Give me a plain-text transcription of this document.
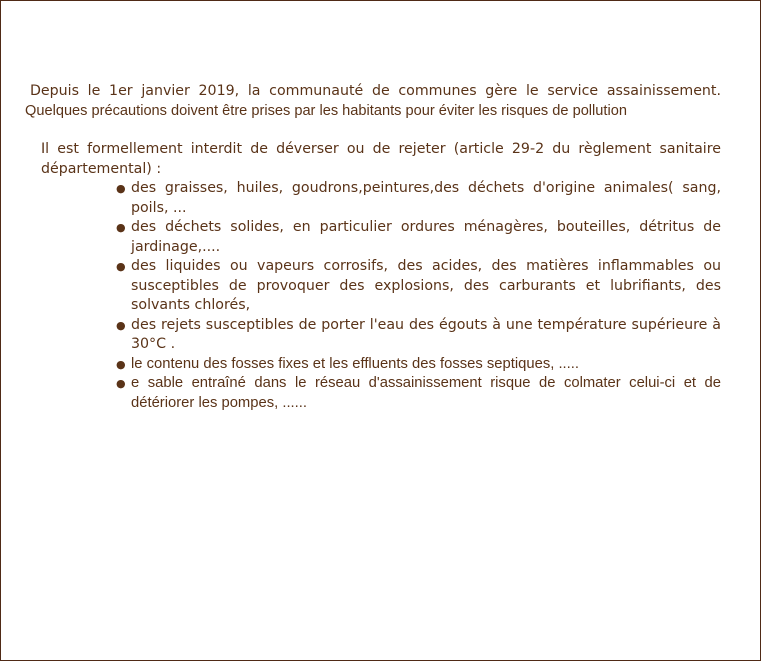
Depuis le 1er janvier 2019, la communauté de communes gère le service assainissement.
Quelques précautions doivent être prises par les habitants pour éviter les risques de pollution

Il est formellement interdit de déverser ou de rejeter (article 29-2 du règlement sanitaire départemental) :

● des graisses, huiles, goudrons,peintures,des déchets d'origine animales( sang, poils, ...
● des déchets solides, en particulier ordures ménagères, bouteilles, détritus de jardinage,....
● des liquides ou vapeurs corrosifs, des acides, des matières inflammables ou susceptibles de provoquer des explosions, des carburants et lubrifiants, des solvants chlorés,
● des rejets susceptibles de porter l'eau des égouts à une température supérieure à 30°C .
● le contenu des fosses fixes et les effluents des fosses septiques, .....
● e sable entraîné dans le réseau d'assainissement risque de colmater celui-ci et de détériorer les pompes, ......
